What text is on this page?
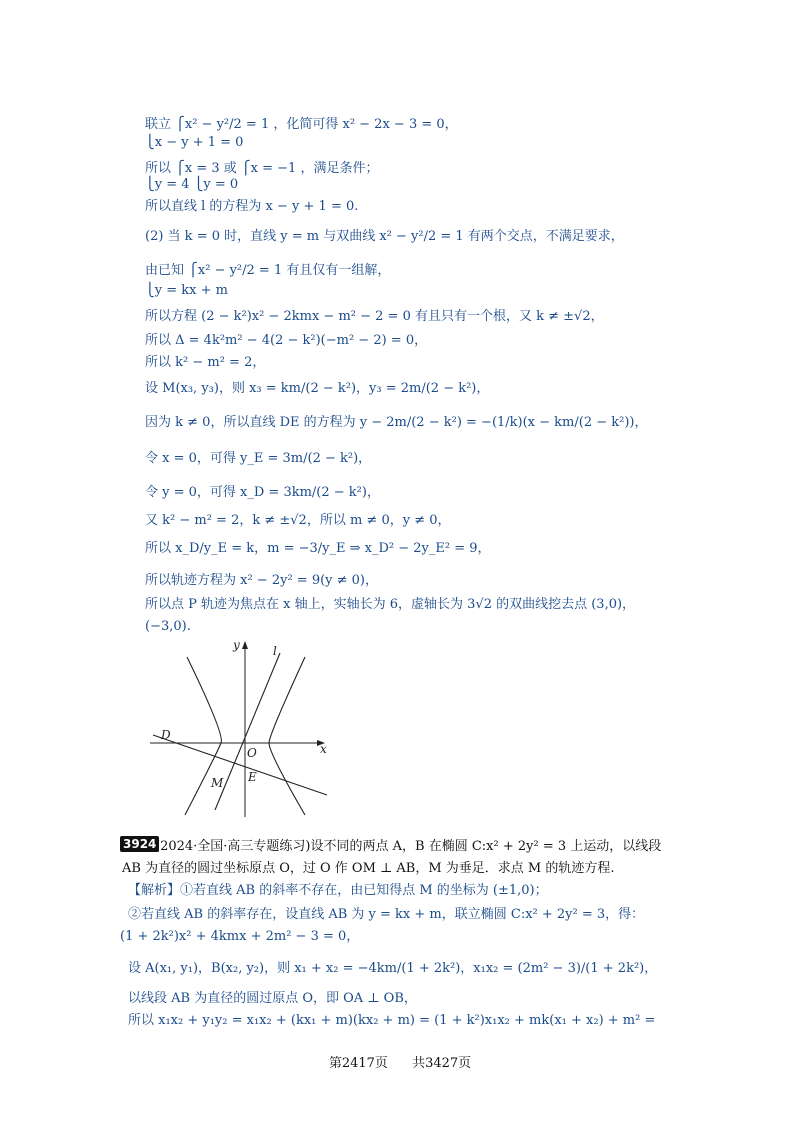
联立 ⎧x² − y²/2 = 1 ，化简可得 x² − 2x − 3 = 0，
⎩x − y + 1 = 0
所以 ⎧x = 3 或 ⎧x = −1 ，满足条件；
⎩y = 4 ⎩y = 0
所以直线 l 的方程为 x − y + 1 = 0.
(2) 当 k = 0 时，直线 y = m 与双曲线 x² − y²/2 = 1 有两个交点，不满足要求，
由已知 ⎧x² − y²/2 = 1 有且仅有一组解，
⎩y = kx + m
所以方程 (2 − k²)x² − 2kmx − m² − 2 = 0 有且只有一个根，又 k ≠ ±√2，
所以 Δ = 4k²m² − 4(2 − k²)(−m² − 2) = 0，
所以 k² − m² = 2，
设 M(x₃, y₃)，则 x₃ = km/(2 − k²)，y₃ = 2m/(2 − k²)，
因为 k ≠ 0，所以直线 DE 的方程为 y − 2m/(2 − k²) = −(1/k)(x − km/(2 − k²))，
令 x = 0，可得 y_E = 3m/(2 − k²)，
令 y = 0，可得 x_D = 3km/(2 − k²)，
又 k² − m² = 2，k ≠ ±√2，所以 m ≠ 0，y ≠ 0，
所以 x_D/y_E = k，m = −3/y_E ⇒ x_D² − 2y_E² = 9，
所以轨迹方程为 x² − 2y² = 9(y ≠ 0)，
所以点 P 轨迹为焦点在 x 轴上，实轴长为 6，虚轴长为 3√2 的双曲线挖去点 (3,0)，
(−3,0).
y
x
l
D
O
E
M
3924
(2024·全国·高三专题练习)设不同的两点 A，B 在椭圆 C:x² + 2y² = 3 上运动，以线段
AB 为直径的圆过坐标原点 O，过 O 作 OM ⊥ AB，M 为垂足．求点 M 的轨迹方程.
【解析】①若直线 AB 的斜率不存在，由已知得点 M 的坐标为 (±1,0)；
②若直线 AB 的斜率存在，设直线 AB 为 y = kx + m，联立椭圆 C:x² + 2y² = 3，得：
(1 + 2k²)x² + 4kmx + 2m² − 3 = 0，
设 A(x₁, y₁)，B(x₂, y₂)，则 x₁ + x₂ = −4km/(1 + 2k²)，x₁x₂ = (2m² − 3)/(1 + 2k²)，
以线段 AB 为直径的圆过原点 O，即 OA ⊥ OB，
所以 x₁x₂ + y₁y₂ = x₁x₂ + (kx₁ + m)(kx₂ + m) = (1 + k²)x₁x₂ + mk(x₁ + x₂) + m² =
第2417页 共3427页
